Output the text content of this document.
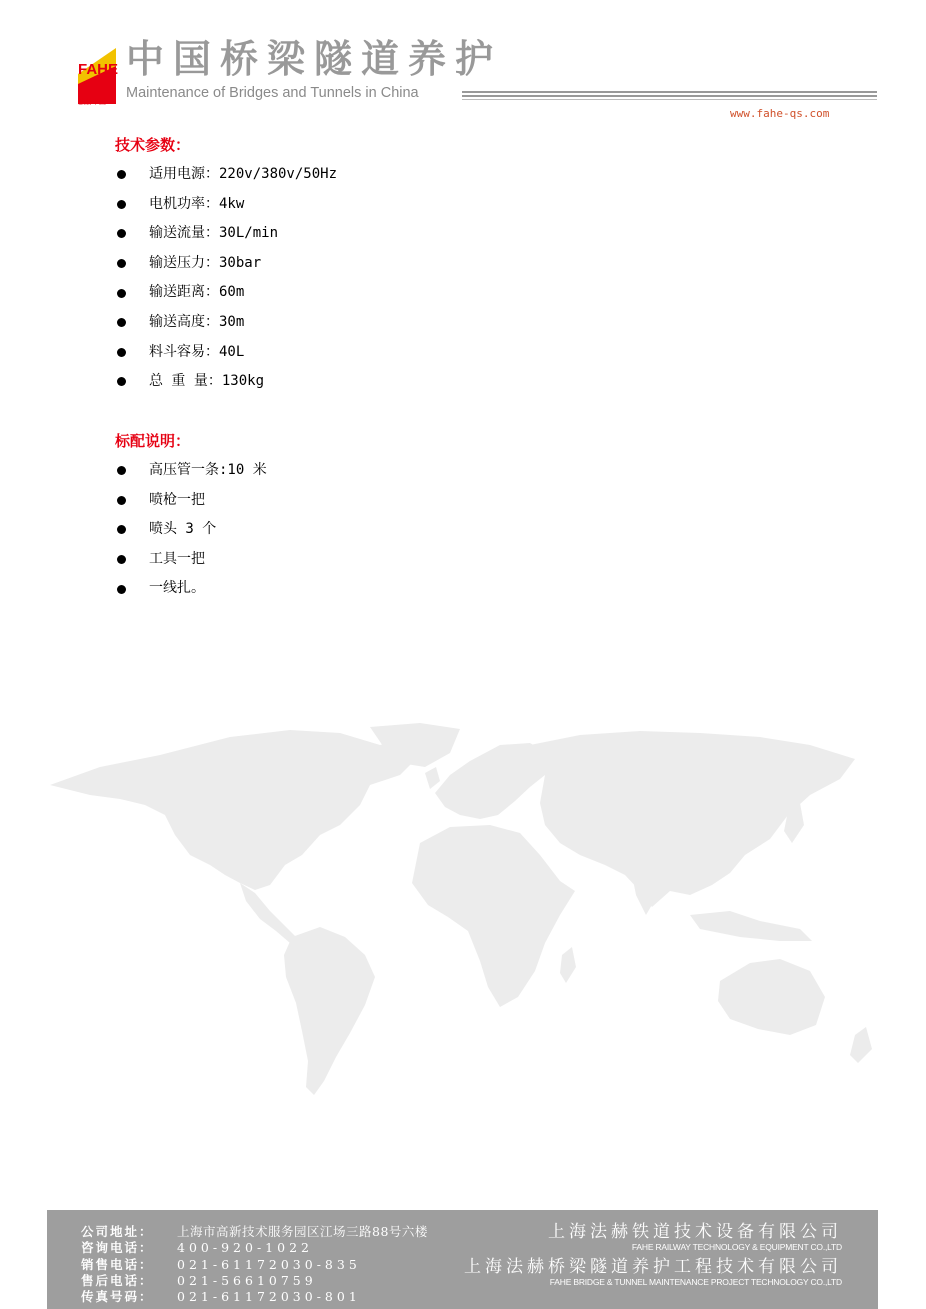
FAHE
法赫中国
中国桥梁隧道养护
Maintenance of Bridges and Tunnels in China
www.fahe-qs.com
技术参数：
适用电源：220v/380v/50Hz
电机功率：4kw
输送流量：30L/min
输送压力：30bar
输送距离：60m
输送高度：30m
料斗容易：40L
总 重 量：130kg
标配说明：
高压管一条:10 米
喷枪一把
喷头 3 个
工具一把
一线扎。
公司地址：	上海市高新技术服务园区江场三路88号六楼
咨询电话：	400-920-1022
销售电话：	021-61172030-835
售后电话：	021-56610759
传真号码：	021-61172030-801
上海法赫铁道技术设备有限公司
FAHE RAILWAY TECHNOLOGY & EQUIPMENT CO.,LTD
上海法赫桥梁隧道养护工程技术有限公司
FAHE BRIDGE & TUNNEL MAINTENANCE PROJECT TECHNOLOGY CO.,LTD
